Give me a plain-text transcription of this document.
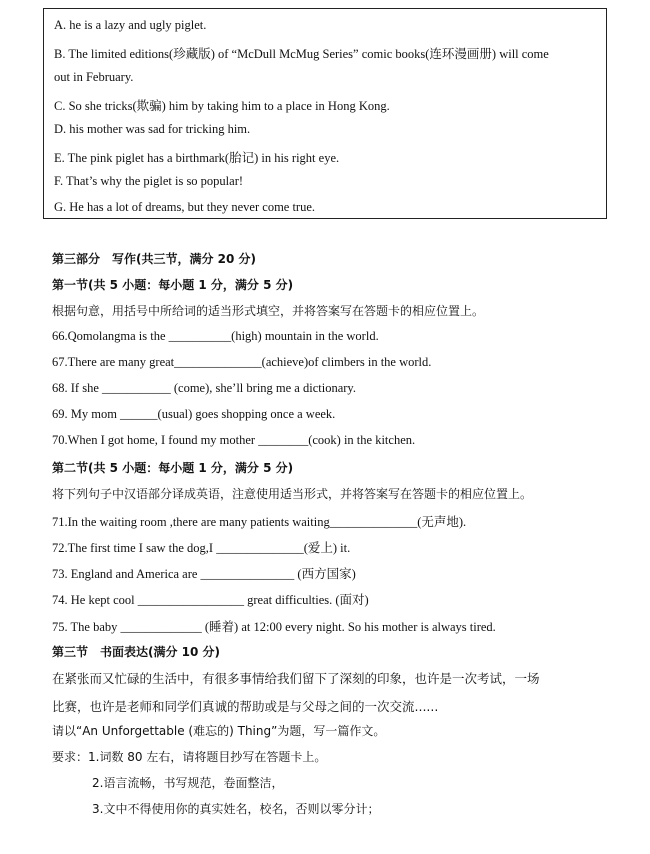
A. he is a lazy and ugly piglet.
B. The limited editions(珍藏版) of “McDull McMug Series” comic books(连环漫画册) will come
out in February.
C. So she tricks(欺骗) him by taking him to a place in Hong Kong.
D. his mother was sad for tricking him.
E. The pink piglet has a birthmark(胎记) in his right eye.
F. That’s why the piglet is so popular!
G. He has a lot of dreams, but they never come true.
第三部分　写作(共三节，满分 20 分)
第一节(共 5 小题：每小题 1 分，满分 5 分)
根据句意，用括号中所给词的适当形式填空，并将答案写在答题卡的相应位置上。
66.Qomolangma is the __________(high) mountain in the world.
67.There are many great______________(achieve)of climbers in the world.
68. If she ___________ (come), she’ll bring me a dictionary.
69. My mom ______(usual) goes shopping once a week.
70.When I got home, I found my mother ________(cook) in the kitchen.
第二节(共 5 小题：每小题 1 分，满分 5 分)
将下列句子中汉语部分译成英语，注意使用适当形式，并将答案写在答题卡的相应位置上。
71.In the waiting room ,there are many patients waiting______________(无声地).
72.The first time I saw the dog,I ______________(爱上) it.
73. England and America are _______________ (西方国家)
74. He kept cool _________________ great difficulties. (面对)
75. The baby _____________ (睡着) at 12:00 every night. So his mother is always tired.
第三节　书面表达(满分 10 分)
在紧张而又忙碌的生活中，有很多事情给我们留下了深刻的印象，也许是一次考试，一场
比赛，也许是老师和同学们真诚的帮助或是与父母之间的一次交流......
请以“An Unforgettable (难忘的) Thing”为题，写一篇作文。
要求：1.词数 80 左右，请将题目抄写在答题卡上。
2.语言流畅，书写规范，卷面整洁，
3.文中不得使用你的真实姓名，校名，否则以零分计；
